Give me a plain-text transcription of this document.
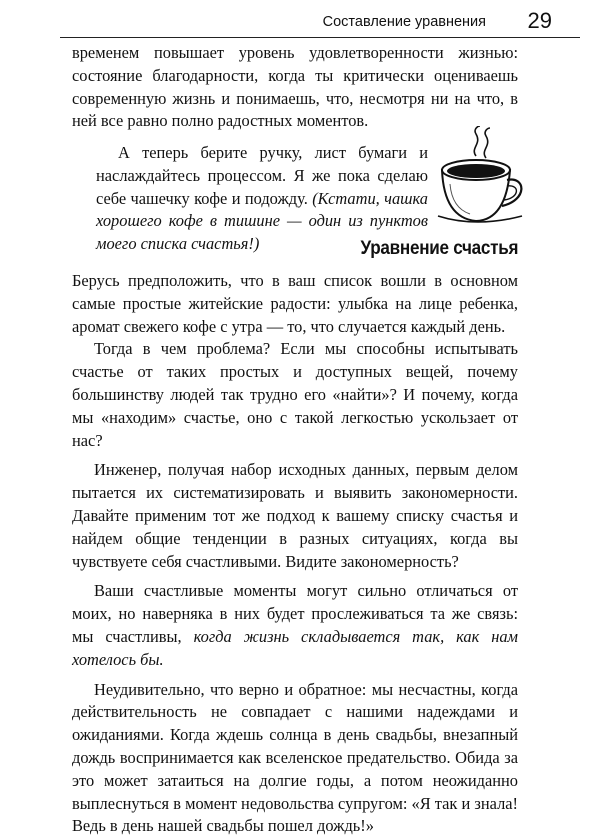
Составление уравнения 29

временем повышает уровень удовлетворенности жизнью: состояние благодарности, когда ты критически оцениваешь современную жизнь и понимаешь, что, несмотря ни на что, в ней все равно полно радостных моментов.

А теперь берите ручку, лист бумаги и наслаждайтесь процессом. Я же пока сделаю себе чашечку кофе и подожду. (Кстати, чашка хорошего кофе в тишине — один из пунктов моего списка счастья!)	Уравнение счастья

Берусь предположить, что в ваш список вошли в основном самые простые житейские радости: улыбка на лице ребенка, аромат свежего кофе с утра — то, что случается каждый день.

Тогда в чем проблема? Если мы способны испытывать счастье от таких простых и доступных вещей, почему большинству людей так трудно его «найти»? И почему, когда мы «находим» счастье, оно с такой легкостью ускользает от нас?

Инженер, получая набор исходных данных, первым делом пытается их систематизировать и выявить закономерности. Давайте применим тот же подход к вашему списку счастья и найдем общие тенденции в разных ситуациях, когда вы чувствуете себя счастливыми. Видите закономерность?

Ваши счастливые моменты могут сильно отличаться от моих, но наверняка в них будет прослеживаться та же связь: мы счастливы, когда жизнь складывается так, как нам хотелось бы.

Неудивительно, что верно и обратное: мы несчастны, когда действительность не совпадает с нашими надеждами и ожиданиями. Когда ждешь солнца в день свадьбы, внезапный дождь воспринимается как вселенское предательство. Обида за это может затаиться на долгие годы, а потом неожиданно выплеснуться в момент недовольства супругом: «Я так и знала! Ведь в день нашей свадьбы пошел дождь!»
